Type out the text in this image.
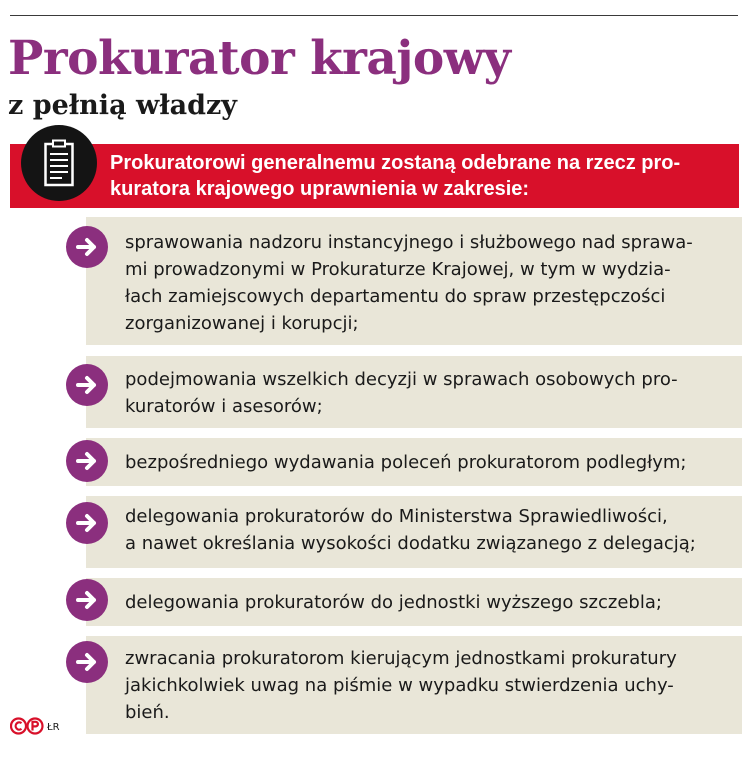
Prokurator krajowy
z pełnią władzy

Prokuratorowi generalnemu zostaną odebrane na rzecz pro-
kuratora krajowego uprawnienia w zakresie:

sprawowania nadzoru instancyjnego i służbowego nad sprawa-
mi prowadzonymi w Prokuraturze Krajowej, w tym w wydzia-
łach zamiejscowych departamentu do spraw przestępczości
zorganizowanej i korupcji;

podejmowania wszelkich decyzji w sprawach osobowych pro-
kuratorów i asesorów;

bezpośredniego wydawania poleceń prokuratorom podległym;

delegowania prokuratorów do Ministerstwa Sprawiedliwości,
a nawet określania wysokości dodatku związanego z delegacją;

delegowania prokuratorów do jednostki wyższego szczebla;

zwracania prokuratorom kierującym jednostkami prokuratury
jakichkolwiek uwag na piśmie w wypadku stwierdzenia uchy-
bień.

ŁR
